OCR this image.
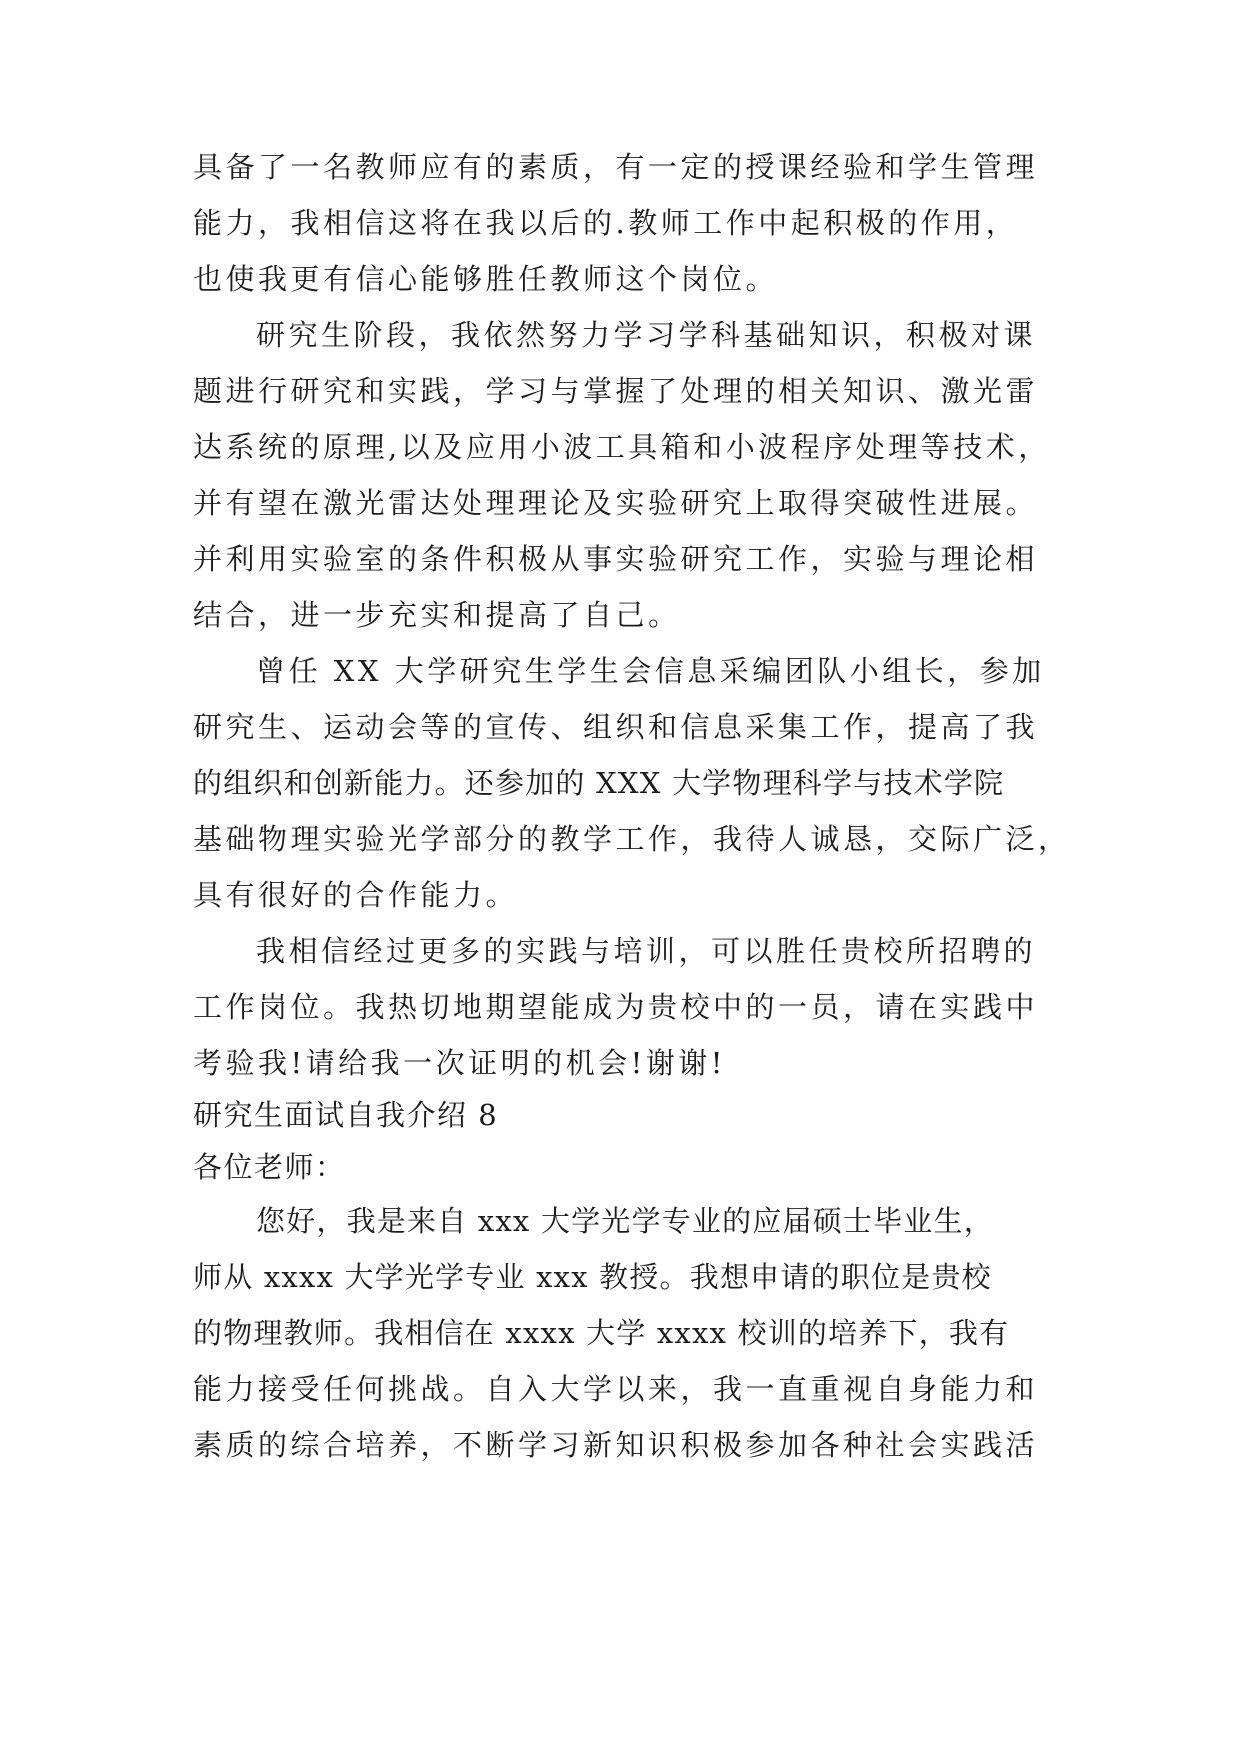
具备了一名教师应有的素质，有一定的授课经验和学生管理
能力，我相信这将在我以后的.教师工作中起积极的作用，
也使我更有信心能够胜任教师这个岗位。
研究生阶段，我依然努力学习学科基础知识，积极对课
题进行研究和实践，学习与掌握了处理的相关知识、激光雷
达系统的原理,以及应用小波工具箱和小波程序处理等技术，
并有望在激光雷达处理理论及实验研究上取得突破性进展。
并利用实验室的条件积极从事实验研究工作，实验与理论相
结合，进一步充实和提高了自己。
曾任 XX 大学研究生学生会信息采编团队小组长，参加
研究生、运动会等的宣传、组织和信息采集工作，提高了我
的组织和创新能力。还参加的 XXX 大学物理科学与技术学院
基础物理实验光学部分的教学工作，我待人诚恳，交际广泛，
具有很好的合作能力。
我相信经过更多的实践与培训，可以胜任贵校所招聘的
工作岗位。我热切地期望能成为贵校中的一员，请在实践中
考验我!请给我一次证明的机会!谢谢!
研究生面试自我介绍 8
各位老师：
您好，我是来自 xxx 大学光学专业的应届硕士毕业生，
师从 xxxx 大学光学专业 xxx 教授。我想申请的职位是贵校
的物理教师。我相信在 xxxx 大学 xxxx 校训的培养下，我有
能力接受任何挑战。自入大学以来，我一直重视自身能力和
素质的综合培养，不断学习新知识积极参加各种社会实践活
